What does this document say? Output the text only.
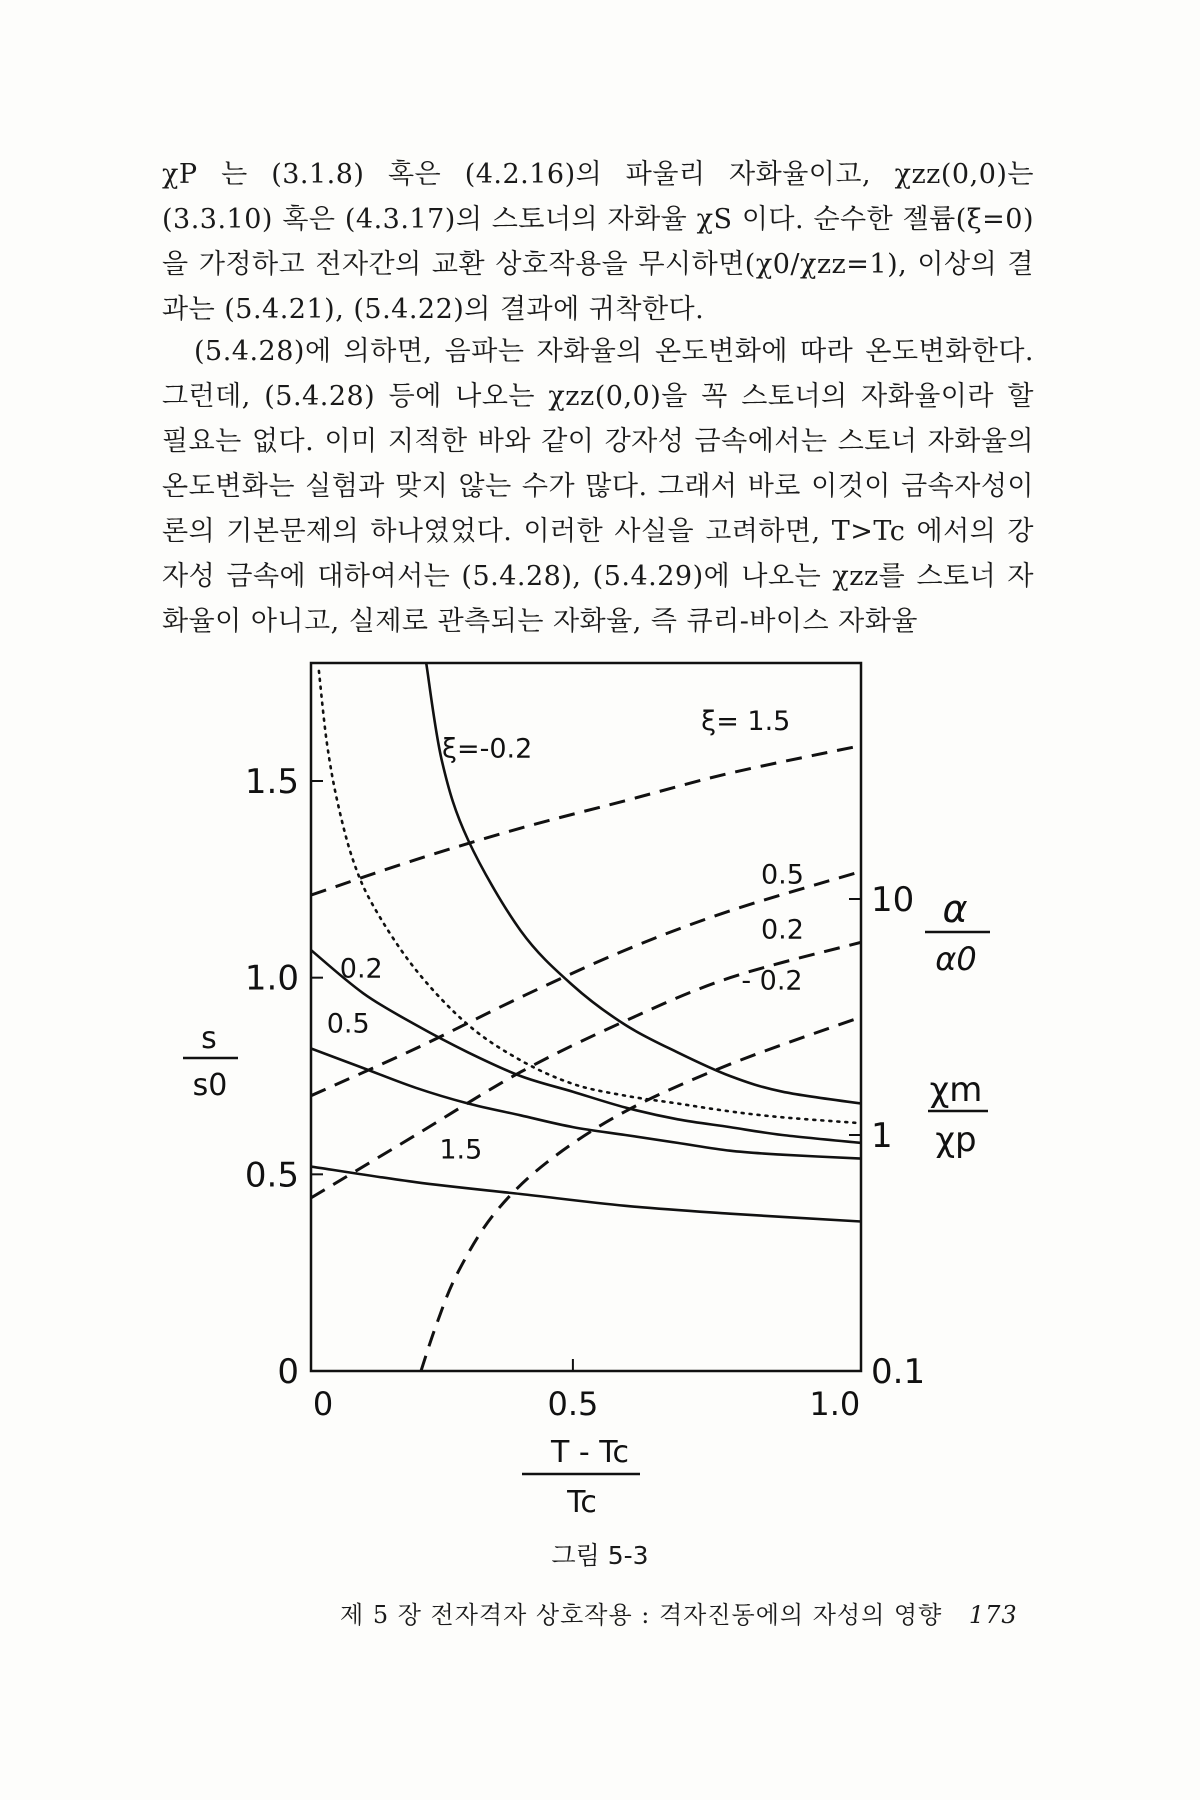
χP 는 (3.1.8) 혹은 (4.2.16)의 파울리 자화율이고, χzz(0,0)는 (3.3.10) 혹은 (4.3.17)의 스토너의 자화율 χS 이다. 순수한 젤륨(ξ=0)을 가정하고 전자간의 교환 상호작용을 무시하면(χ0/χzz=1), 이상의 결과는 (5.4.21), (5.4.22)의 결과에 귀착한다.

(5.4.28)에 의하면, 음파는 자화율의 온도변화에 따라 온도변화한다. 그런데, (5.4.28) 등에 나오는 χzz(0,0)을 꼭 스토너의 자화율이라 할 필요는 없다. 이미 지적한 바와 같이 강자성 금속에서는 스토너 자화율의 온도변화는 실험과 맞지 않는 수가 많다. 그래서 바로 이것이 금속자성이론의 기본문제의 하나였었다. 이러한 사실을 고려하면, T>Tc 에서의 강자성 금속에 대하여서는 (5.4.28), (5.4.29)에 나오는 χzz를 스토너 자화율이 아니고, 실제로 관측되는 자화율, 즉 큐리-바이스 자화율

0	0.5	1.0
0
0.5
1.0
1.5
0.1
1
10
ξ=-0.2
0.2
0.5
1.5
ξ= 1.5
0.5
0.2
- 0.2
s
s0
α
α0
χm
χp
T - Tc
Tc
그림 5-3
제 5 장 전자격자 상호작용 : 격자진동에의 자성의 영향 173
